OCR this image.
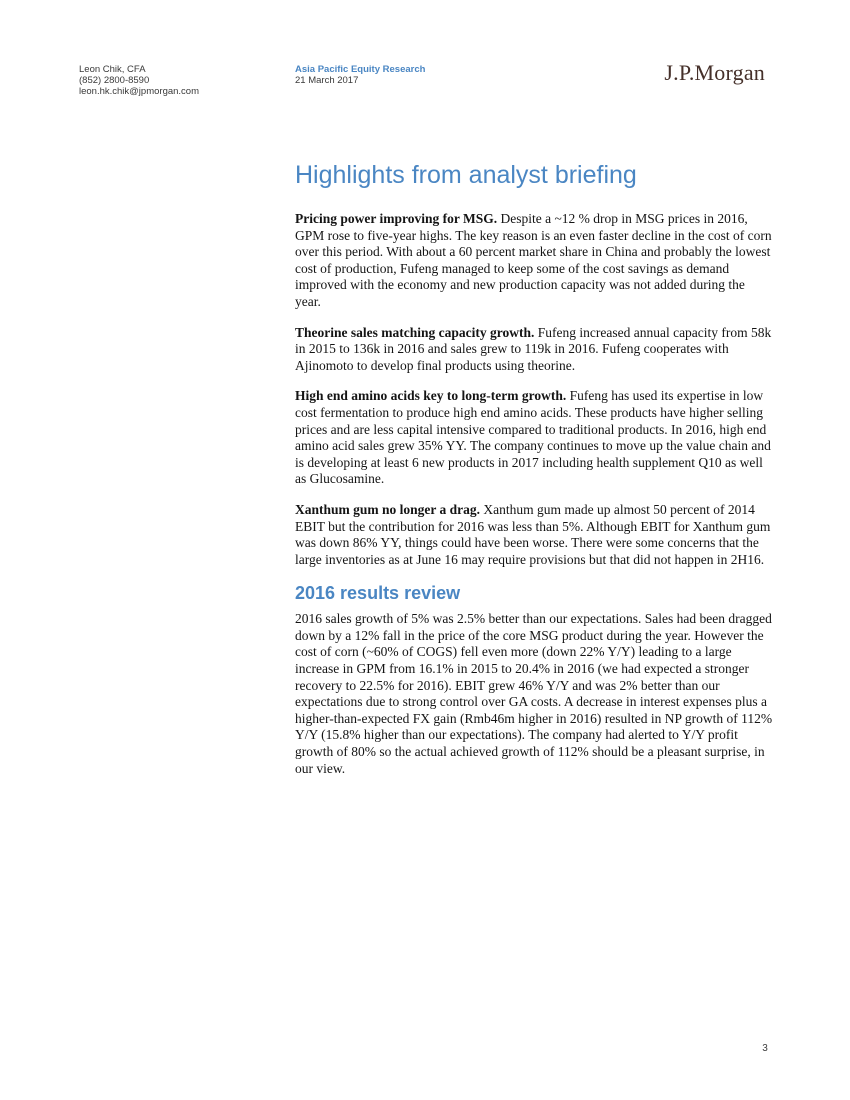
Leon Chik, CFA
(852) 2800-8590
leon.hk.chik@jpmorgan.com
Asia Pacific Equity Research
21 March 2017	J.P.Morgan
Highlights from analyst briefing

Pricing power improving for MSG. Despite a ~12 % drop in MSG prices in 2016, GPM rose to five-year highs. The key reason is an even faster decline in the cost of corn over this period. With about a 60 percent market share in China and probably the lowest cost of production, Fufeng managed to keep some of the cost savings as demand improved with the economy and new production capacity was not added during the year.

Theorine sales matching capacity growth. Fufeng increased annual capacity from 58k in 2015 to 136k in 2016 and sales grew to 119k in 2016. Fufeng cooperates with Ajinomoto to develop final products using theorine.

High end amino acids key to long-term growth. Fufeng has used its expertise in low cost fermentation to produce high end amino acids. These products have higher selling prices and are less capital intensive compared to traditional products. In 2016, high end amino acid sales grew 35% YY. The company continues to move up the value chain and is developing at least 6 new products in 2017 including health supplement Q10 as well as Glucosamine.

Xanthum gum no longer a drag. Xanthum gum made up almost 50 percent of 2014 EBIT but the contribution for 2016 was less than 5%. Although EBIT for Xanthum gum was down 86% YY, things could have been worse. There were some concerns that the large inventories as at June 16 may require provisions but that did not happen in 2H16.

2016 results review

2016 sales growth of 5% was 2.5% better than our expectations. Sales had been dragged down by a 12% fall in the price of the core MSG product during the year. However the cost of corn (~60% of COGS) fell even more (down 22% Y/Y) leading to a large increase in GPM from 16.1% in 2015 to 20.4% in 2016 (we had expected a stronger recovery to 22.5% for 2016). EBIT grew 46% Y/Y and was 2% better than our expectations due to strong control over GA costs. A decrease in interest expenses plus a higher-than-expected FX gain (Rmb46m higher in 2016) resulted in NP growth of 112% Y/Y (15.8% higher than our expectations). The company had alerted to Y/Y profit growth of 80% so the actual achieved growth of 112% should be a pleasant surprise, in our view.

3
